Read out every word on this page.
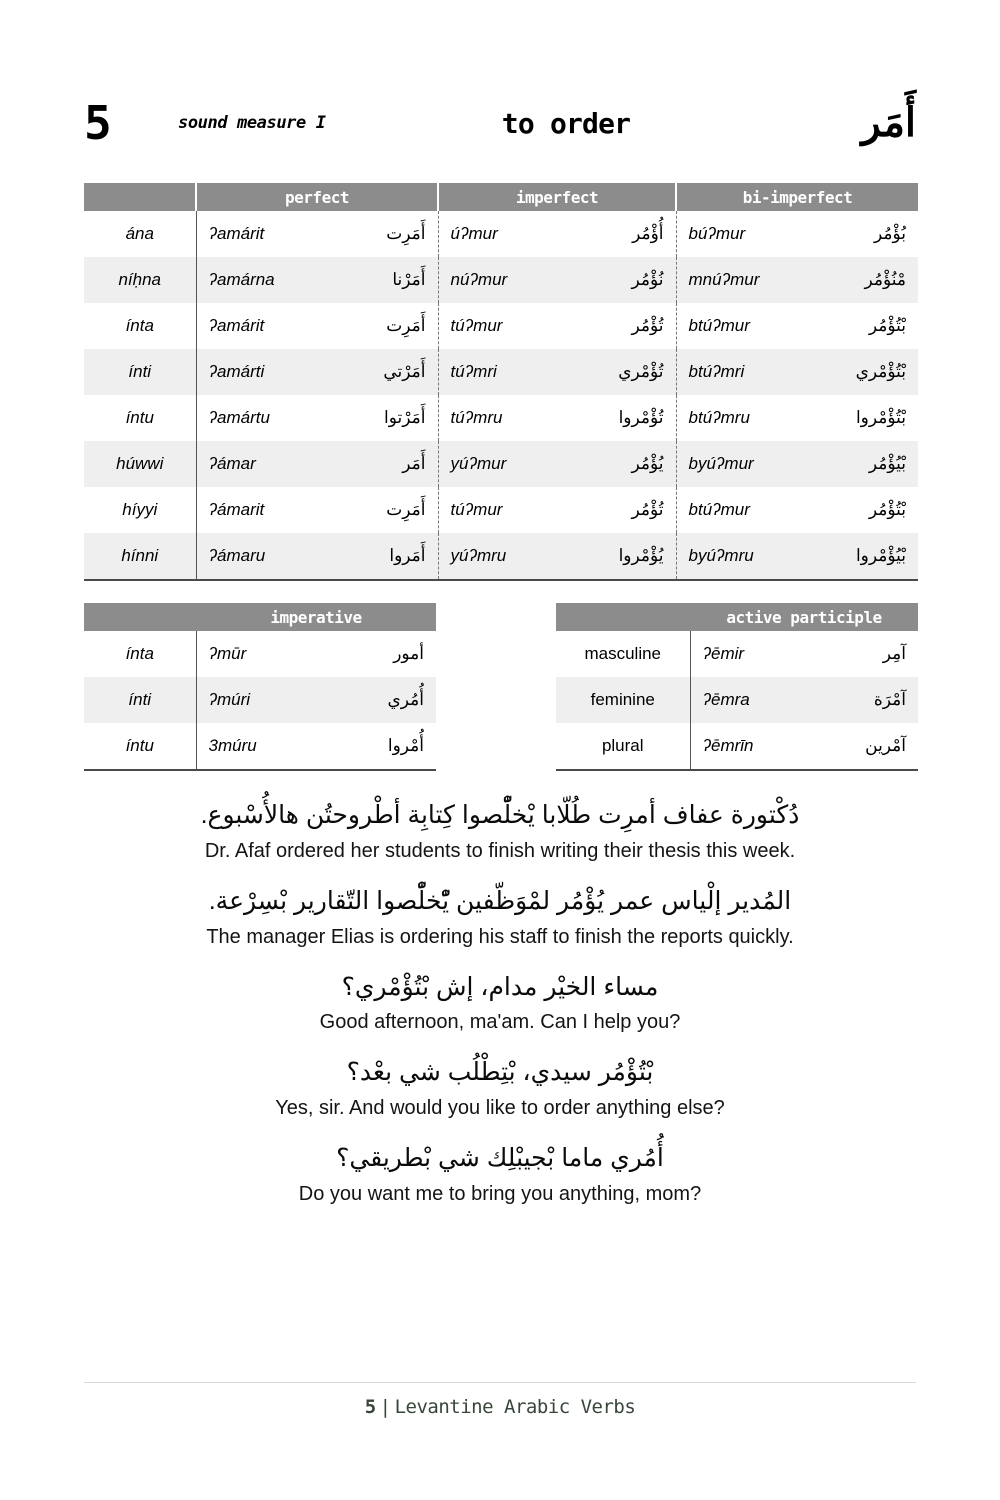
5	sound measure I	to order	أَمَر
	perfect		imperfect		bi-imperfect	
ána	ʔamárit	أَمَرِت	úʔmur	أُؤْمُر	búʔmur	بُؤْمُر
níḥna	ʔamárna	أَمَرْنا	núʔmur	نُؤْمُر	mnúʔmur	مْنُؤْمُر
ínta	ʔamárit	أَمَرِت	túʔmur	تُؤْمُر	btúʔmur	بْتُؤْمُر
ínti	ʔamárti	أَمَرْتي	túʔmri	تُؤْمْري	btúʔmri	بْتُؤْمْري
íntu	ʔamártu	أَمَرْتوا	túʔmru	تُؤْمْروا	btúʔmru	بْتُؤْمْروا
húwwi	ʔámar	أَمَر	yúʔmur	يُؤْمُر	byúʔmur	بْيُؤْمُر
híyyi	ʔámarit	أَمَرِت	túʔmur	تُؤْمُر	btúʔmur	بْتُؤْمُر
hínni	ʔámaru	أَمَروا	yúʔmru	يُؤْمْروا	byúʔmru	بْيُؤْمْروا
	imperative	
ínta	ʔmūr	أمور
ínti	ʔmúri	أُمُري
íntu	3múru	أُمْروا
	active participle	
masculine	ʔēmir	آمِر
feminine	ʔēmra	آمْرَة
plural	ʔēmrīn	آمْرين
دُكْتورة عفاف أمرِت طُلّابا يْخلّْصوا كِتابِة أطْروحتُن هالأُسْبوع.
Dr. Afaf ordered her students to finish writing their thesis this week.
المُدير إلْياس عمر يُؤْمُر لمْوَظّفين يّْخلّْصوا التّقارير بْسِرْعة.
The manager Elias is ordering his staff to finish the reports quickly.
مساء الخيْر مدام، إش بْتُؤْمْري؟
Good afternoon, ma'am. Can I help you?
بْتُؤْمُر سيدي، بْتِطْلُب شي بعْد؟
Yes, sir. And would you like to order anything else?
أُمُري ماما بْجيبْلِك شي بْطريقي؟
Do you want me to bring you anything, mom?
5 | Levantine Arabic Verbs
